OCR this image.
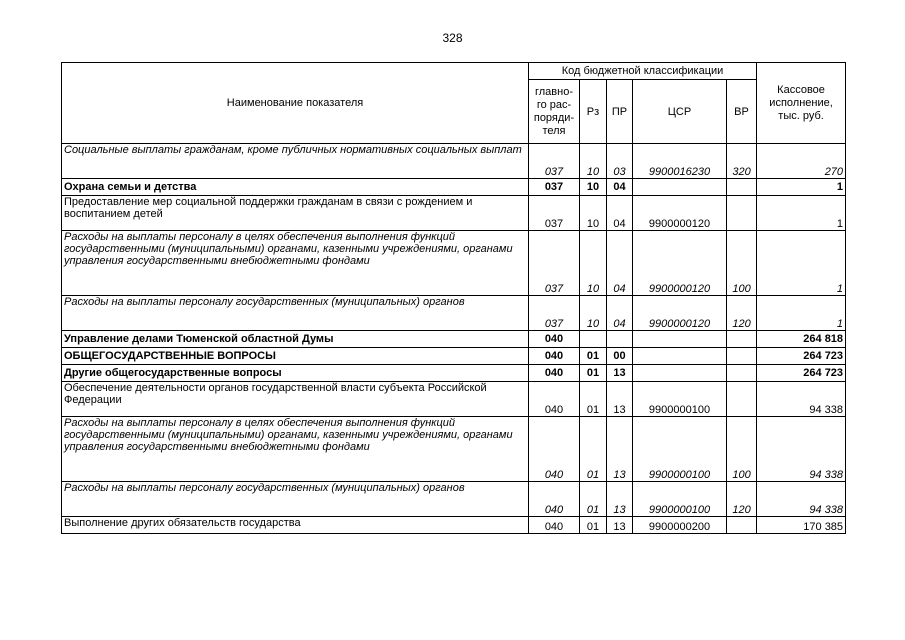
328
Наименование показателя	Код бюджетной классификации					Кассовое
исполнение,
тыс. руб.
	главно-
го рас-
поряди-
теля	Рз	ПР	ЦСР	ВР	
Социальные выплаты гражданам, кроме публичных нормативных социальных выплат	037	10	03	9900016230	320	270
Охрана семьи и детства	037	10	04			1
Предоставление мер социальной поддержки гражданам в связи с рождением и воспитанием детей	037	10	04	9900000120		1
Расходы на выплаты персоналу в целях обеспечения выполнения функций государственными (муниципальными) органами, казенными учреждениями, органами управления государственными внебюджетными фондами	037	10	04	9900000120	100	1
Расходы на выплаты персоналу государственных (муниципальных) органов	037	10	04	9900000120	120	1
Управление делами Тюменской областной Думы	040					264 818
ОБЩЕГОСУДАРСТВЕННЫЕ ВОПРОСЫ	040	01	00			264 723
Другие общегосударственные вопросы	040	01	13			264 723
Обеспечение деятельности органов государственной власти субъекта Российской Федерации	040	01	13	9900000100		94 338
Расходы на выплаты персоналу в целях обеспечения выполнения функций государственными (муниципальными) органами, казенными учреждениями, органами управления государственными внебюджетными фондами	040	01	13	9900000100	100	94 338
Расходы на выплаты персоналу государственных (муниципальных) органов	040	01	13	9900000100	120	94 338
Выполнение других обязательств государства	040	01	13	9900000200		170 385
